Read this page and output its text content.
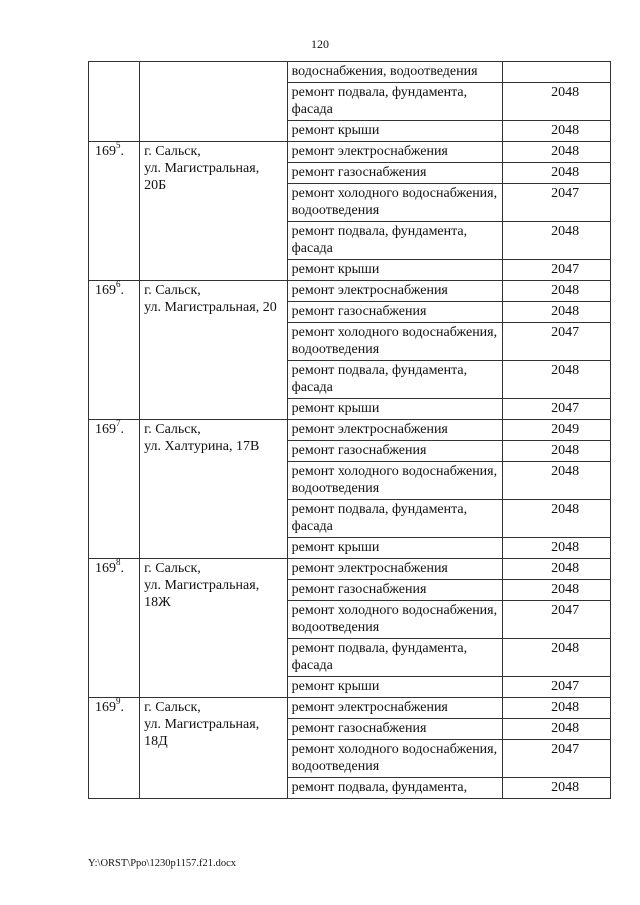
120
		водоснабжения, водоотведения	
		ремонт подвала, фундамента, фасада	2048
		ремонт крыши	2048
$169^5$.	г. Сальск,
ул. Магистральная,
20Б	ремонт электроснабжения	2048
		ремонт газоснабжения	2048
		ремонт холодного водоснабжения, водоотведения	2047
		ремонт подвала, фундамента, фасада	2048
		ремонт крыши	2047
$169^6$.	г. Сальск,
ул. Магистральная, 20	ремонт электроснабжения	2048
		ремонт газоснабжения	2048
		ремонт холодного водоснабжения, водоотведения	2047
		ремонт подвала, фундамента, фасада	2048
		ремонт крыши	2047
$169^7$.	г. Сальск,
ул. Халтурина, 17В	ремонт электроснабжения	2049
		ремонт газоснабжения	2048
		ремонт холодного водоснабжения, водоотведения	2048
		ремонт подвала, фундамента, фасада	2048
		ремонт крыши	2048
$169^8$.	г. Сальск,
ул. Магистральная,
18Ж	ремонт электроснабжения	2048
		ремонт газоснабжения	2048
		ремонт холодного водоснабжения, водоотведения	2047
		ремонт подвала, фундамента, фасада	2048
		ремонт крыши	2047
$169^9$.	г. Сальск,
ул. Магистральная,
18Д	ремонт электроснабжения	2048
		ремонт газоснабжения	2048
		ремонт холодного водоснабжения, водоотведения	2047
		ремонт подвала, фундамента,	2048
Y:\ORST\Ppo\1230p1157.f21.docx
